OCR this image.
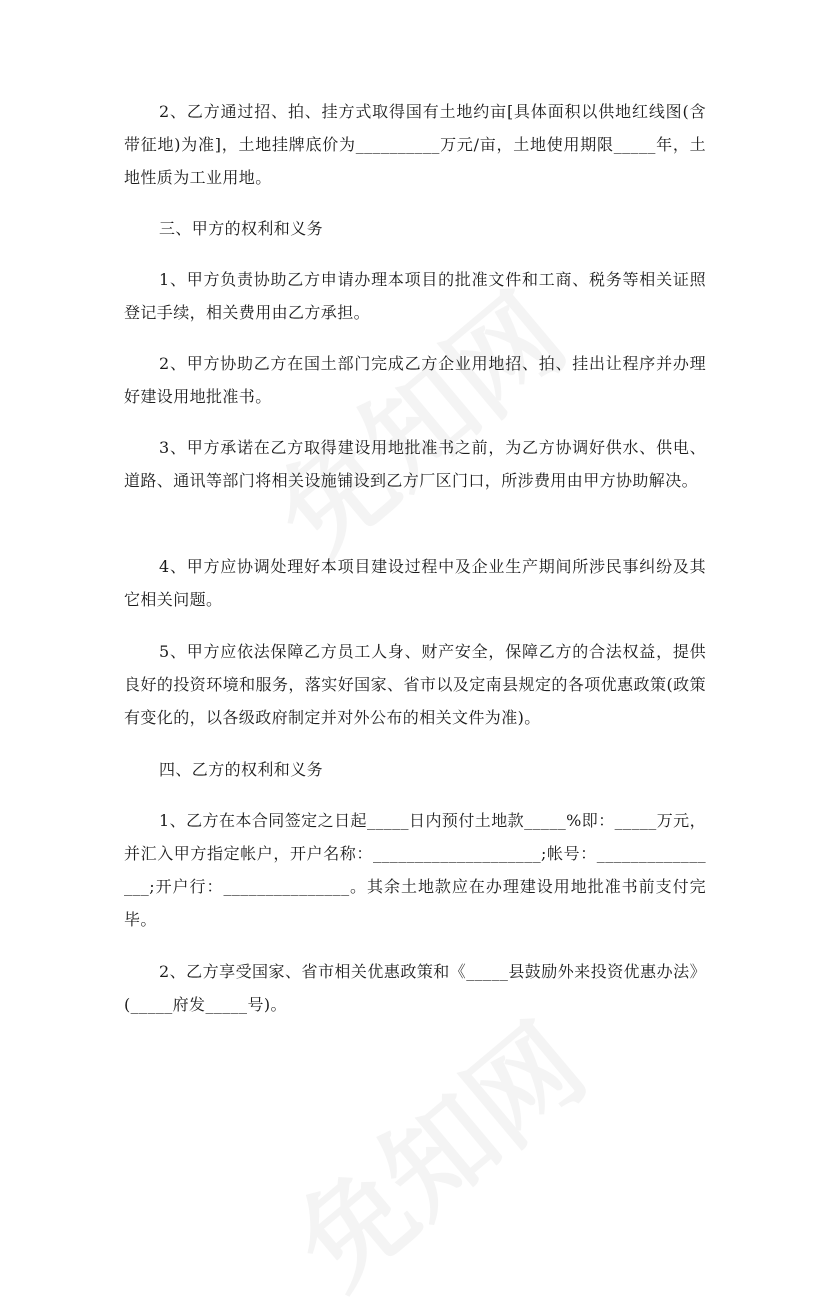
2、乙方通过招、拍、挂方式取得国有土地约亩[具体面积以供地红线图(含带征地)为准]，土地挂牌底价为__________万元/亩，土地使用期限_____年，土地性质为工业用地。

三、甲方的权利和义务

1、甲方负责协助乙方申请办理本项目的批准文件和工商、税务等相关证照登记手续，相关费用由乙方承担。

2、甲方协助乙方在国土部门完成乙方企业用地招、拍、挂出让程序并办理好建设用地批准书。

3、甲方承诺在乙方取得建设用地批准书之前，为乙方协调好供水、供电、道路、通讯等部门将相关设施铺设到乙方厂区门口，所涉费用由甲方协助解决。

4、甲方应协调处理好本项目建设过程中及企业生产期间所涉民事纠纷及其它相关问题。

5、甲方应依法保障乙方员工人身、财产安全，保障乙方的合法权益，提供良好的投资环境和服务，落实好国家、省市以及定南县规定的各项优惠政策(政策有变化的，以各级政府制定并对外公布的相关文件为准)。

四、乙方的权利和义务

1、乙方在本合同签定之日起_____日内预付土地款_____%即：_____万元，并汇入甲方指定帐户，开户名称：____________________;帐号：________________;开户行：_______________。其余土地款应在办理建设用地批准书前支付完毕。

2、乙方享受国家、省市相关优惠政策和《_____县鼓励外来投资优惠办法》(_____府发_____号)。
